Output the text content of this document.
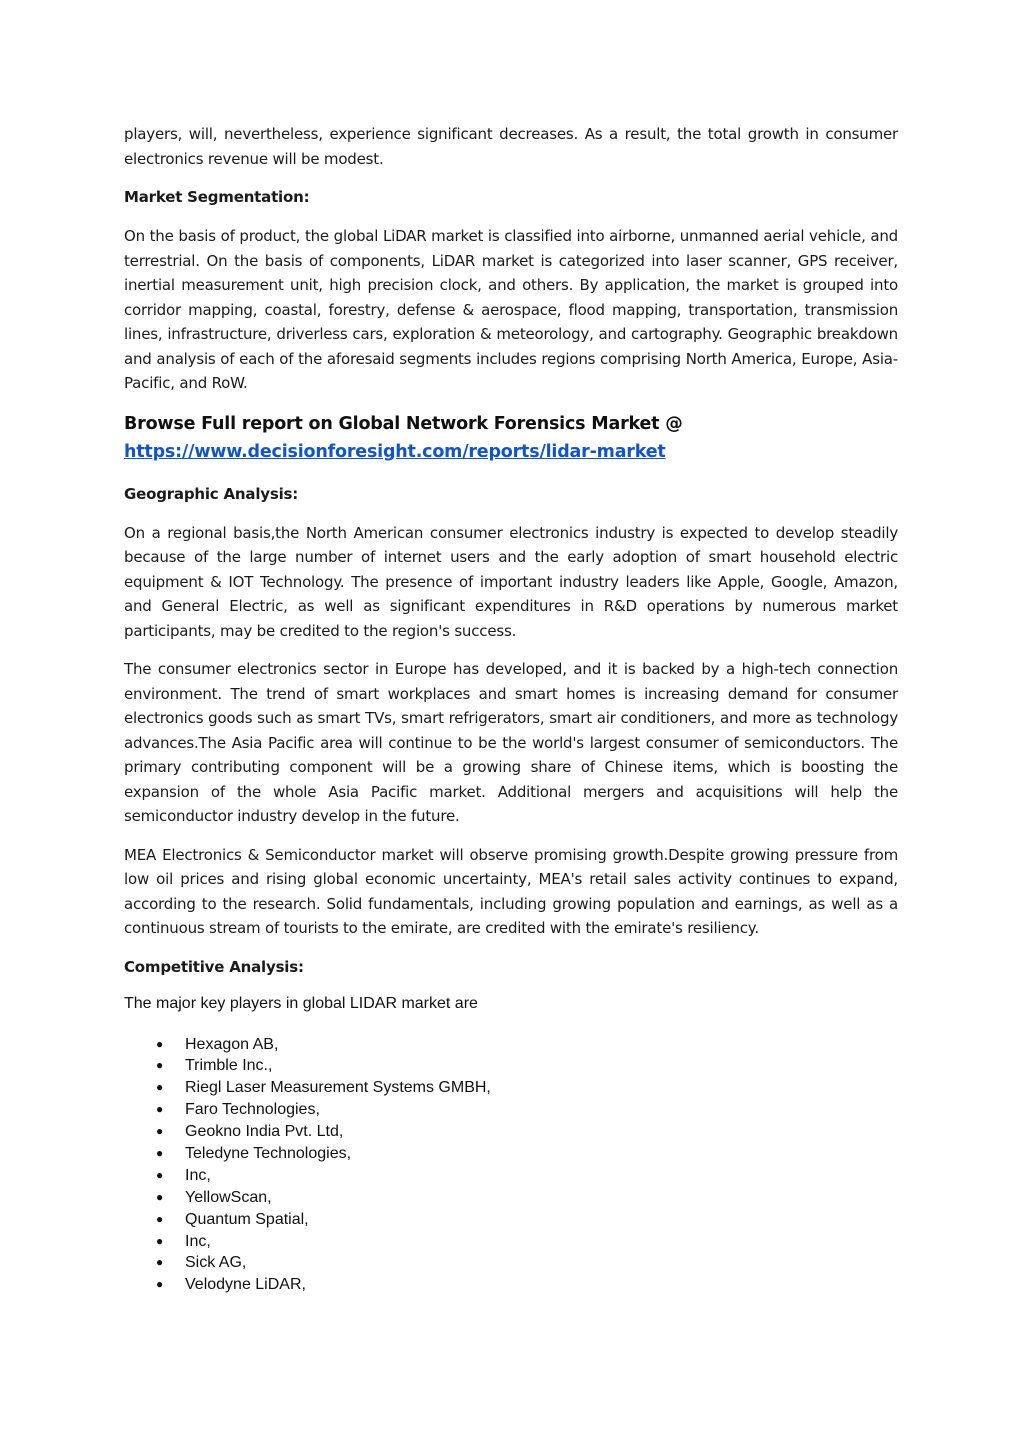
players, will, nevertheless, experience significant decreases. As a result, the total growth in consumer electronics revenue will be modest.

Market Segmentation:

On the basis of product, the global LiDAR market is classified into airborne, unmanned aerial vehicle, and terrestrial. On the basis of components, LiDAR market is categorized into laser scanner, GPS receiver, inertial measurement unit, high precision clock, and others. By application, the market is grouped into corridor mapping, coastal, forestry, defense & aerospace, flood mapping, transportation, transmission lines, infrastructure, driverless cars, exploration & meteorology, and cartography. Geographic breakdown and analysis of each of the aforesaid segments includes regions comprising North America, Europe, Asia-Pacific, and RoW.

Browse Full report on Global Network Forensics Market @
https://www.decisionforesight.com/reports/lidar-market
Geographic Analysis:

On a regional basis,the North American consumer electronics industry is expected to develop steadily because of the large number of internet users and the early adoption of smart household electric equipment & IOT Technology. The presence of important industry leaders like Apple, Google, Amazon, and General Electric, as well as significant expenditures in R&D operations by numerous market participants, may be credited to the region's success.

The consumer electronics sector in Europe has developed, and it is backed by a high-tech connection environment. The trend of smart workplaces and smart homes is increasing demand for consumer electronics goods such as smart TVs, smart refrigerators, smart air conditioners, and more as technology advances.The Asia Pacific area will continue to be the world's largest consumer of semiconductors. The primary contributing component will be a growing share of Chinese items, which is boosting the expansion of the whole Asia Pacific market. Additional mergers and acquisitions will help the semiconductor industry develop in the future.

MEA Electronics & Semiconductor market will observe promising growth.Despite growing pressure from low oil prices and rising global economic uncertainty, MEA's retail sales activity continues to expand, according to the research. Solid fundamentals, including growing population and earnings, as well as a continuous stream of tourists to the emirate, are credited with the emirate's resiliency.

Competitive Analysis:

The major key players in global LIDAR market are

● Hexagon AB,
● Trimble Inc.,
● Riegl Laser Measurement Systems GMBH,
● Faro Technologies,
● Geokno India Pvt. Ltd,
● Teledyne Technologies,
● Inc,
● YellowScan,
● Quantum Spatial,
● Inc,
● Sick AG,
● Velodyne LiDAR,
